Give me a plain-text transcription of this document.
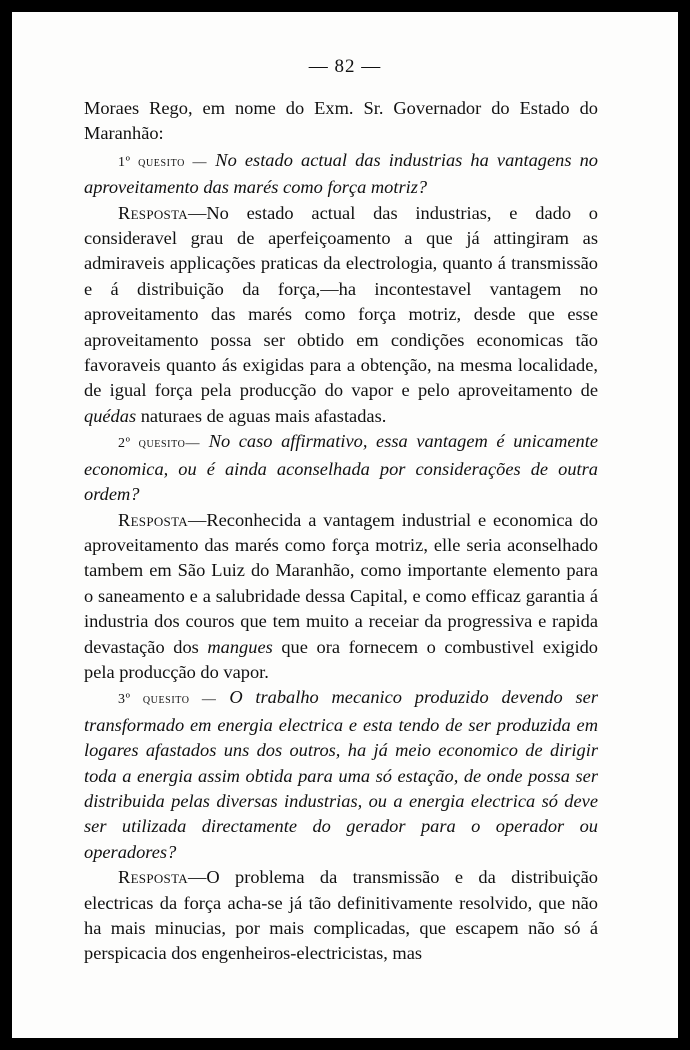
— 82 —

Moraes Rego, em nome do Exm. Sr. Governador do Estado do Maranhão:

1º quesito — No estado actual das industrias ha vantagens no aproveitamento das marés como força motriz?

Resposta—No estado actual das industrias, e dado o consideravel grau de aperfeiçoamento a que já attingiram as admiraveis applicações praticas da electrologia, quanto á transmissão e á distribuição da força,—ha incontestavel vantagem no aproveitamento das marés como força motriz, desde que esse aproveitamento possa ser obtido em condições economicas tão favoraveis quanto ás exigidas para a obtenção, na mesma localidade, de igual força pela producção do vapor e pelo aproveitamento de quédas naturaes de aguas mais afastadas.

2º quesito— No caso affirmativo, essa vantagem é unicamente economica, ou é ainda aconselhada por considerações de outra ordem?

Resposta—Reconhecida a vantagem industrial e economica do aproveitamento das marés como força motriz, elle seria aconselhado tambem em São Luiz do Maranhão, como importante elemento para o saneamento e a salubridade dessa Capital, e como efficaz garantia á industria dos couros que tem muito a receiar da progressiva e rapida devastação dos mangues que ora fornecem o combustivel exigido pela producção do vapor.

3º quesito — O trabalho mecanico produzido devendo ser transformado em energia electrica e esta tendo de ser produzida em logares afastados uns dos outros, ha já meio economico de dirigir toda a energia assim obtida para uma só estação, de onde possa ser distribuida pelas diversas industrias, ou a energia electrica só deve ser utilizada directamente do gerador para o operador ou operadores?

Resposta—O problema da transmissão e da distribuição electricas da força acha-se já tão definitivamente resolvido, que não ha mais minucias, por mais complicadas, que escapem não só á perspicacia dos engenheiros-electricistas, mas
